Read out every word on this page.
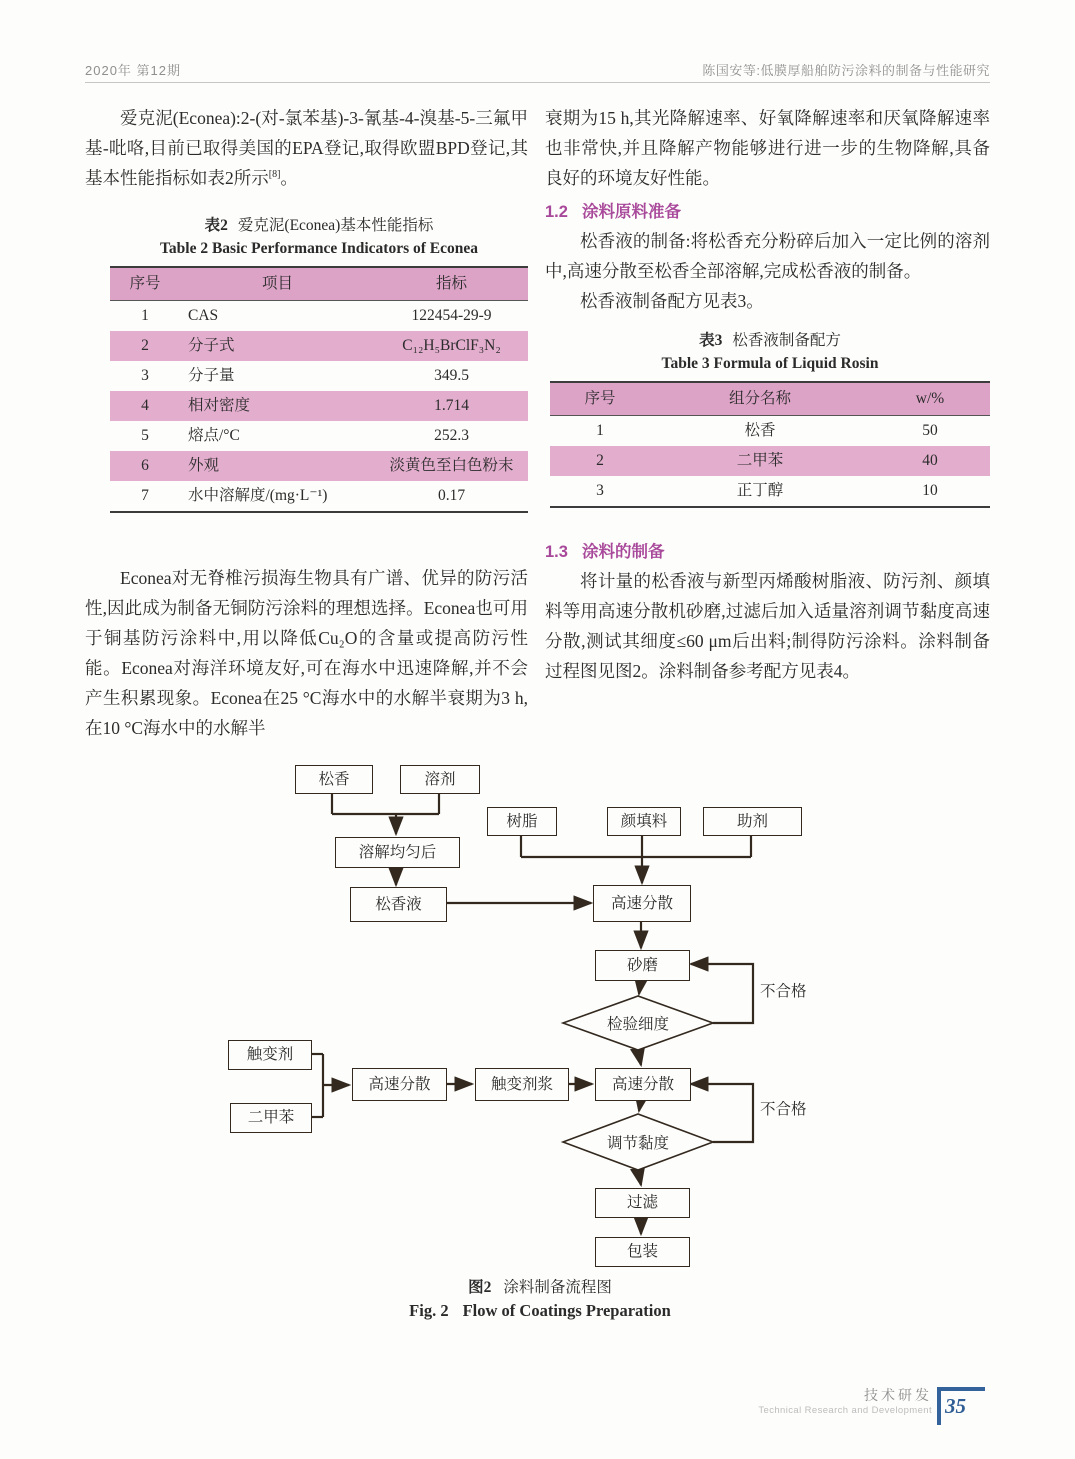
2020年 第12期	陈国安等:低膜厚船舶防污涂料的制备与性能研究

爱克泥(Econea):2-(对-氯苯基)-3-氰基-4-溴基-5-三氟甲基-吡咯,目前已取得美国的EPA登记,取得欧盟BPD登记,其基本性能指标如表2所示[8]。

表2 爱克泥(Econea)基本性能指标
Table 2 Basic Performance Indicators of Econea
序号	项目	指标
1	CAS	122454-29-9
2	分子式	C₁₂H₅BrClF₃N₂
3	分子量	349.5
4	相对密度	1.714
5	熔点/°C	252.3
6	外观	淡黄色至白色粉末
7	水中溶解度/(mg·L⁻¹)	0.17

Econea对无脊椎污损海生物具有广谱、优异的防污活性,因此成为制备无铜防污涂料的理想选择。Econea也可用于铜基防污涂料中,用以降低Cu₂O的含量或提高防污性能。Econea对海洋环境友好,可在海水中迅速降解,并不会产生积累现象。Econea在25 °C海水中的水解半衰期为3 h,在10 °C海水中的水解半

衰期为15 h,其光降解速率、好氧降解速率和厌氧降解速率也非常快,并且降解产物能够进行进一步的生物降解,具备良好的环境友好性能。

1.2 涂料原料准备

松香液的制备:将松香充分粉碎后加入一定比例的溶剂中,高速分散至松香全部溶解,完成松香液的制备。

松香液制备配方见表3。

表3 松香液制备配方
Table 3 Formula of Liquid Rosin
序号	组分名称	w/%
1	松香	50
2	二甲苯	40
3	正丁醇	10
1.3 涂料的制备

将计量的松香液与新型丙烯酸树脂液、防污剂、颜填料等用高速分散机砂磨,过滤后加入适量溶剂调节黏度高速分散,测试其细度≤60 μm后出料;制得防污涂料。涂料制备过程图见图2。涂料制备参考配方见表4。

松香	溶剂
树脂	颜填料	助剂
溶解均匀后
松香液	高速分散
砂磨
检验细度
触变剂
二甲苯
高速分散	触变剂浆	高速分散
调节黏度
过滤
包装
不合格
不合格
图2 涂料制备流程图
Fig. 2 Flow of Coatings Preparation
技术研发
Technical Research and Development 35
